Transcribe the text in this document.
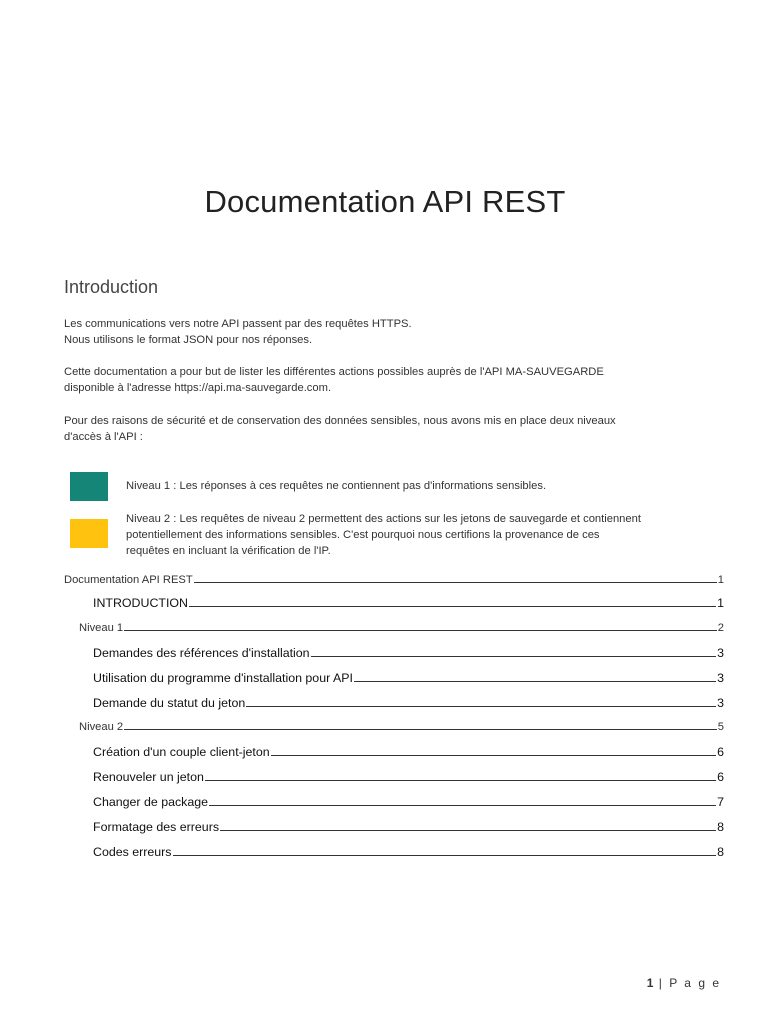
Documentation API REST
Introduction
Les communications vers notre API passent par des requêtes HTTPS.
Nous utilisons le format JSON pour nos réponses.
Cette documentation a pour but de lister les différentes actions possibles auprès de l'API MA-SAUVEGARDE
disponible à l'adresse https://api.ma-sauvegarde.com.
Pour des raisons de sécurité et de conservation des données sensibles, nous avons mis en place deux niveaux
d'accès à l'API :
Niveau 1 : Les réponses à ces requêtes ne contiennent pas d'informations sensibles.
Niveau 2 : Les requêtes de niveau 2 permettent des actions sur les jetons de sauvegarde et contiennent
potentiellement des informations sensibles. C'est pourquoi nous certifions la provenance de ces
requêtes en incluant la vérification de l'IP.
Documentation API REST	1
INTRODUCTION	1
Niveau 1	2
Demandes des références d'installation	3
Utilisation du programme d'installation pour API	3
Demande du statut du jeton	3
Niveau 2	5
Création d'un couple client-jeton	6
Renouveler un jeton	6
Changer de package	7
Formatage des erreurs	8
Codes erreurs	8
1 | P a g e
